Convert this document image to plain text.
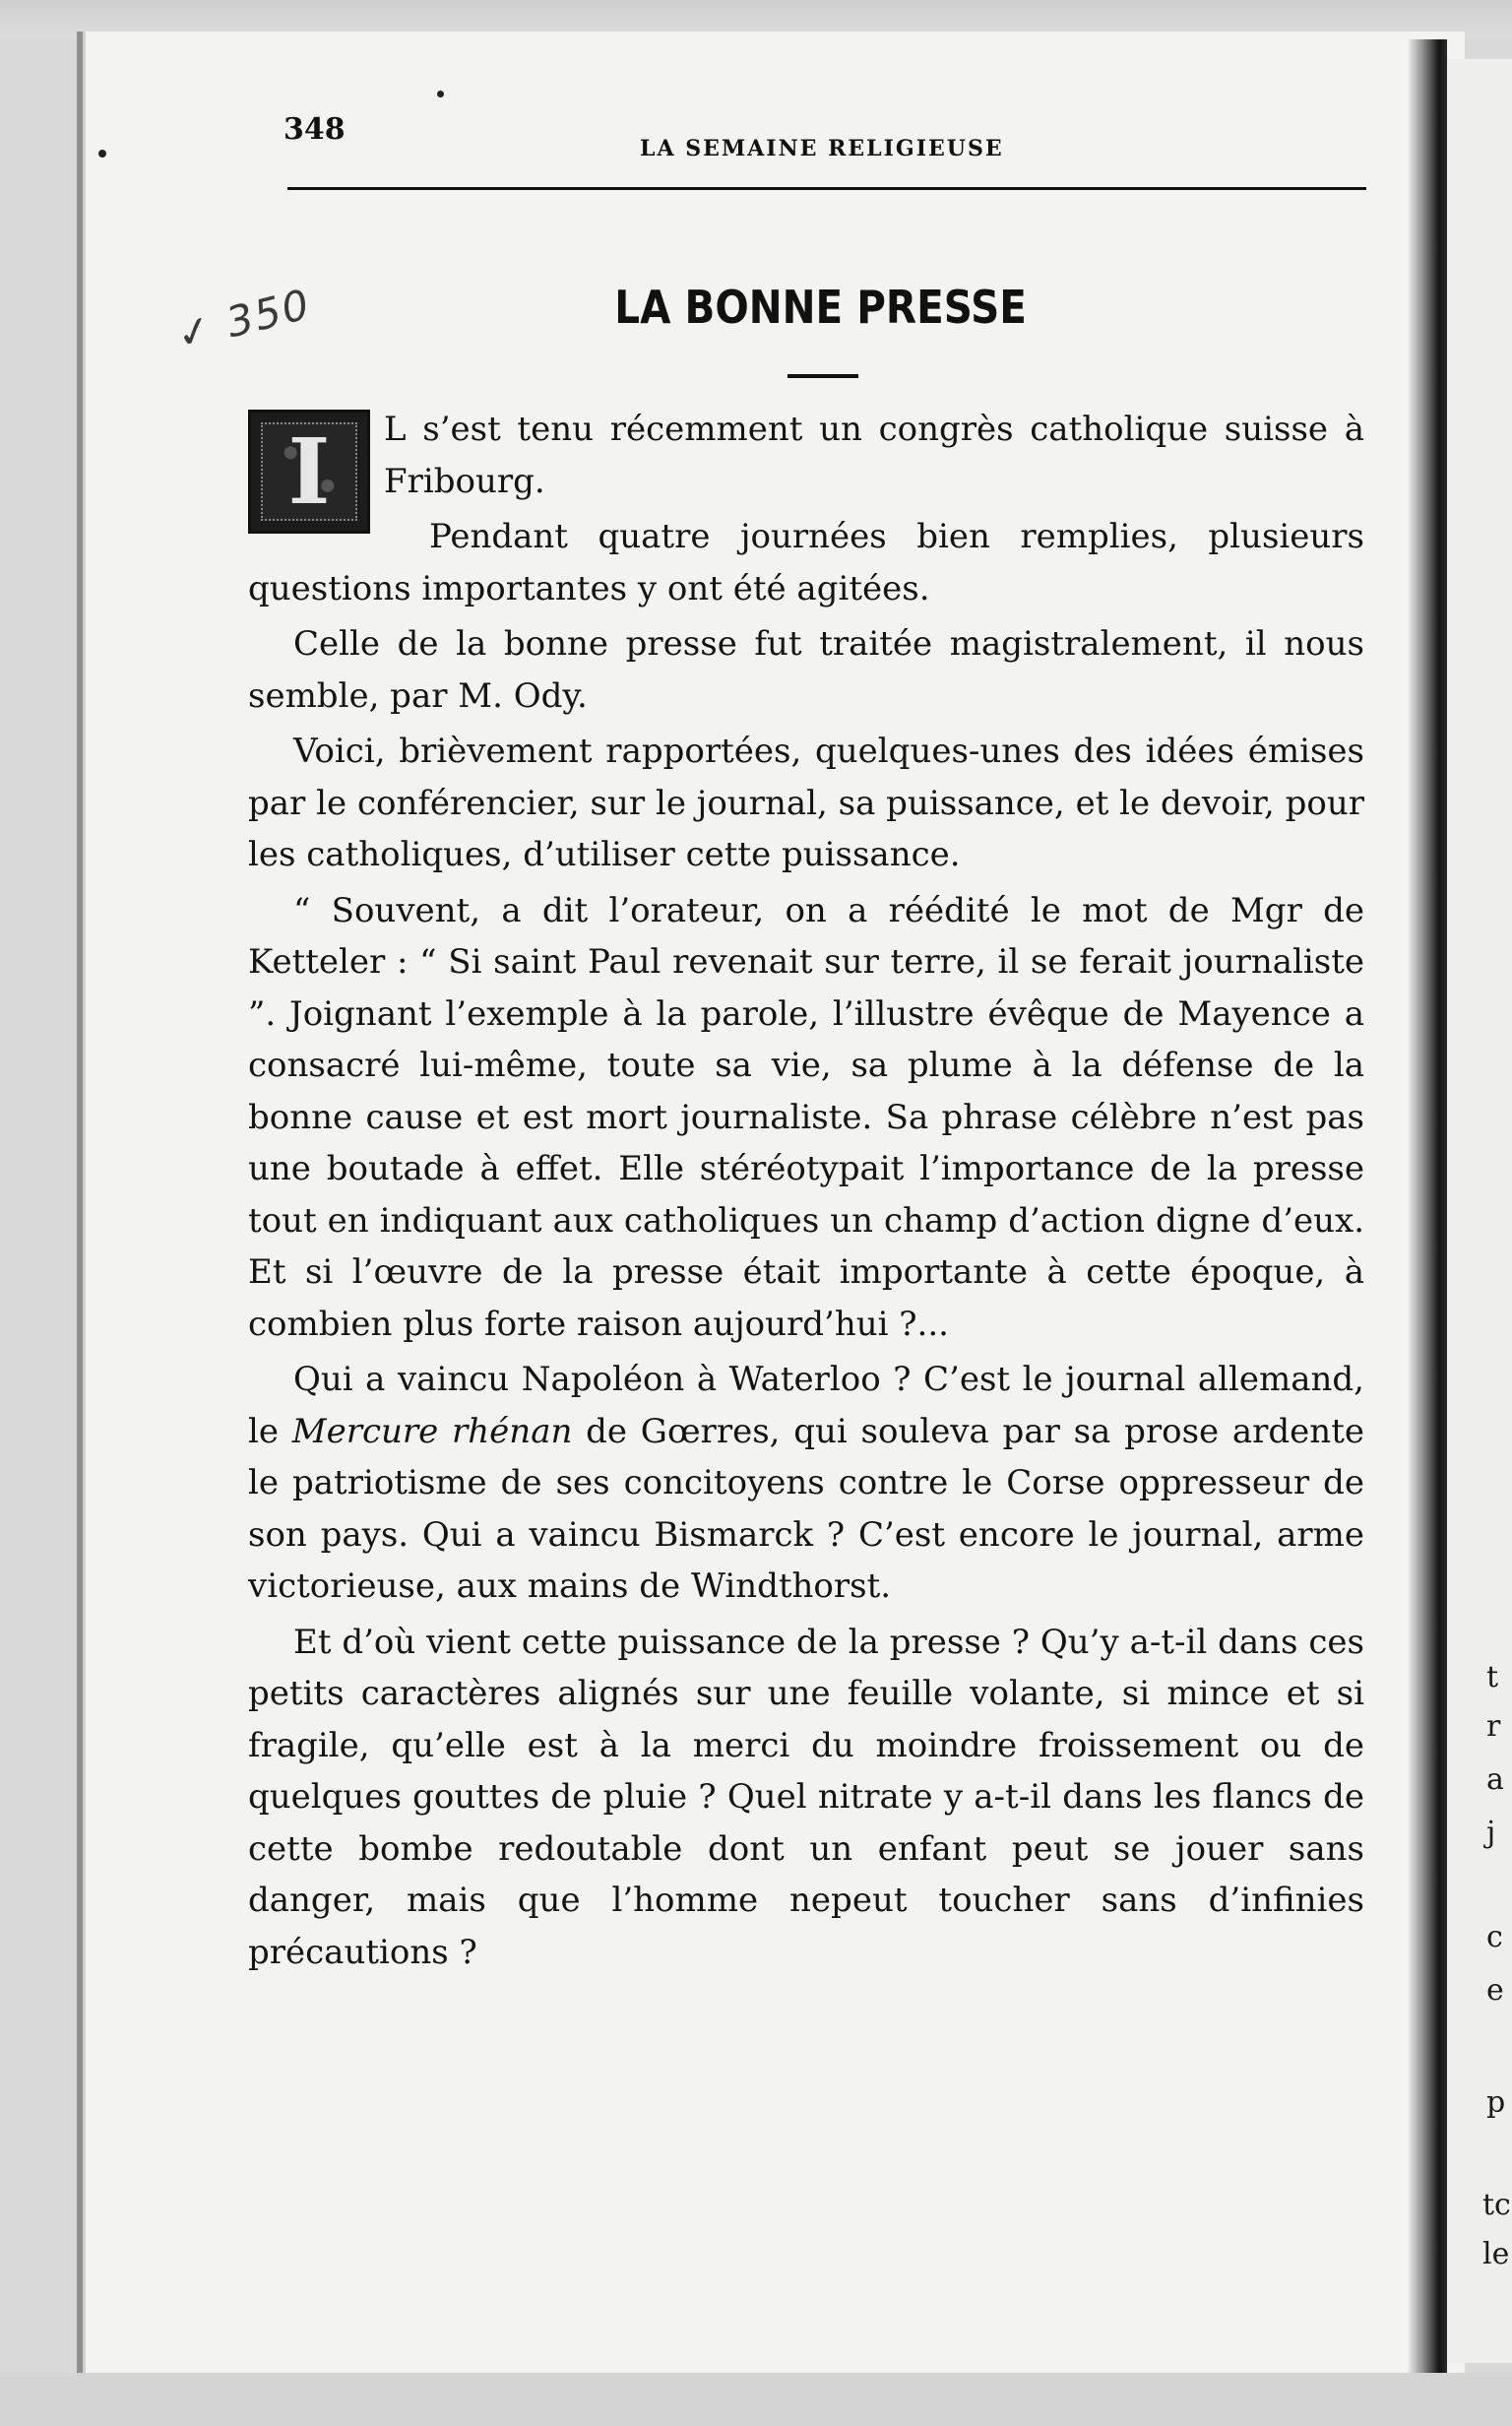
t
r
a
j
c
e
p
tc
le
348
LA SEMAINE RELIGIEUSE
✓ 350	LA BONNE PRESSE

I	L s’est tenu récemment un congrès catholique suisse à Fribourg.

Pendant quatre journées bien remplies, plusieurs questions importantes y ont été agitées.

Celle de la bonne presse fut traitée magistralement, il nous semble, par M. Ody.

Voici, brièvement rapportées, quelques-unes des idées émises par le conférencier, sur le journal, sa puissance, et le devoir, pour les catholiques, d’utiliser cette puissance.

“ Souvent, a dit l’orateur, on a réédité le mot de Mgr de Ketteler : “ Si saint Paul revenait sur terre, il se ferait journaliste ”. Joignant l’exemple à la parole, l’illustre évêque de Mayence a consacré lui-même, toute sa vie, sa plume à la défense de la bonne cause et est mort journaliste. Sa phrase célèbre n’est pas une boutade à effet. Elle stéréotypait l’importance de la presse tout en indiquant aux catholiques un champ d’action digne d’eux. Et si l’œuvre de la presse était importante à cette époque, à combien plus forte raison aujourd’hui ?...

Qui a vaincu Napoléon à Waterloo ? C’est le journal allemand, le Mercure rhénan de Gœrres, qui souleva par sa prose ardente le patriotisme de ses concitoyens contre le Corse oppresseur de son pays. Qui a vaincu Bismarck ? C’est encore le journal, arme victorieuse, aux mains de Windthorst.

Et d’où vient cette puissance de la presse ? Qu’y a-t-il dans ces petits caractères alignés sur une feuille volante, si mince et si fragile, qu’elle est à la merci du moindre froissement ou de quelques gouttes de pluie ? Quel nitrate y a-t-il dans les flancs de cette bombe redoutable dont un enfant peut se jouer sans danger, mais que l’homme nepeut toucher sans d’infinies précautions ?
